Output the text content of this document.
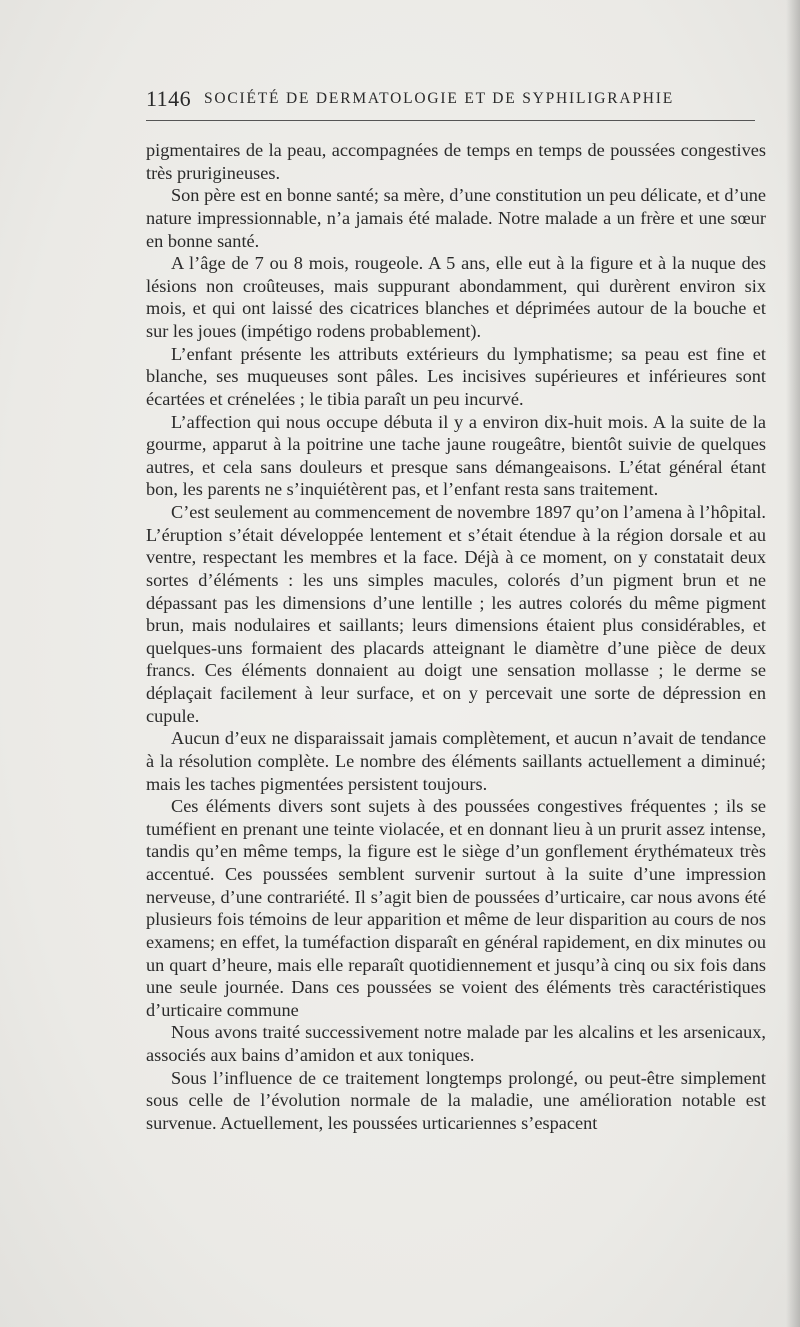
1146 SOCIÉTÉ DE DERMATOLOGIE ET DE SYPHILIGRAPHIE

pigmentaires de la peau, accompagnées de temps en temps de poussées congestives très prurigineuses.

Son père est en bonne santé; sa mère, d’une constitution un peu délicate, et d’une nature impressionnable, n’a jamais été malade. Notre malade a un frère et une sœur en bonne santé.

A l’âge de 7 ou 8 mois, rougeole. A 5 ans, elle eut à la figure et à la nuque des lésions non croûteuses, mais suppurant abondamment, qui durèrent environ six mois, et qui ont laissé des cicatrices blanches et déprimées autour de la bouche et sur les joues (impétigo rodens probablement).

L’enfant présente les attributs extérieurs du lymphatisme; sa peau est fine et blanche, ses muqueuses sont pâles. Les incisives supérieures et inférieures sont écartées et crénelées ; le tibia paraît un peu incurvé.

L’affection qui nous occupe débuta il y a environ dix-huit mois. A la suite de la gourme, apparut à la poitrine une tache jaune rougeâtre, bientôt suivie de quelques autres, et cela sans douleurs et presque sans démangeaisons. L’état général étant bon, les parents ne s’inquiétèrent pas, et l’enfant resta sans traitement.

C’est seulement au commencement de novembre 1897 qu’on l’amena à l’hôpital. L’éruption s’était développée lentement et s’était étendue à la région dorsale et au ventre, respectant les membres et la face. Déjà à ce moment, on y constatait deux sortes d’éléments : les uns simples macules, colorés d’un pigment brun et ne dépassant pas les dimensions d’une lentille ; les autres colorés du même pigment brun, mais nodulaires et saillants; leurs dimensions étaient plus considérables, et quelques-uns formaient des placards atteignant le diamètre d’une pièce de deux francs. Ces éléments donnaient au doigt une sensation mollasse ; le derme se déplaçait facilement à leur surface, et on y percevait une sorte de dépression en cupule.

Aucun d’eux ne disparaissait jamais complètement, et aucun n’avait de tendance à la résolution complète. Le nombre des éléments saillants actuellement a diminué; mais les taches pigmentées persistent toujours.

Ces éléments divers sont sujets à des poussées congestives fréquentes ; ils se tuméfient en prenant une teinte violacée, et en donnant lieu à un prurit assez intense, tandis qu’en même temps, la figure est le siège d’un gonflement érythémateux très accentué. Ces poussées semblent survenir surtout à la suite d’une impression nerveuse, d’une contrariété. Il s’agit bien de poussées d’urticaire, car nous avons été plusieurs fois témoins de leur apparition et même de leur disparition au cours de nos examens; en effet, la tuméfaction disparaît en général rapidement, en dix minutes ou un quart d’heure, mais elle reparaît quotidiennement et jusqu’à cinq ou six fois dans une seule journée. Dans ces poussées se voient des éléments très caractéristiques d’urticaire commune

Nous avons traité successivement notre malade par les alcalins et les arsenicaux, associés aux bains d’amidon et aux toniques.

Sous l’influence de ce traitement longtemps prolongé, ou peut-être simplement sous celle de l’évolution normale de la maladie, une amélioration notable est survenue. Actuellement, les poussées urticariennes s’espacent
